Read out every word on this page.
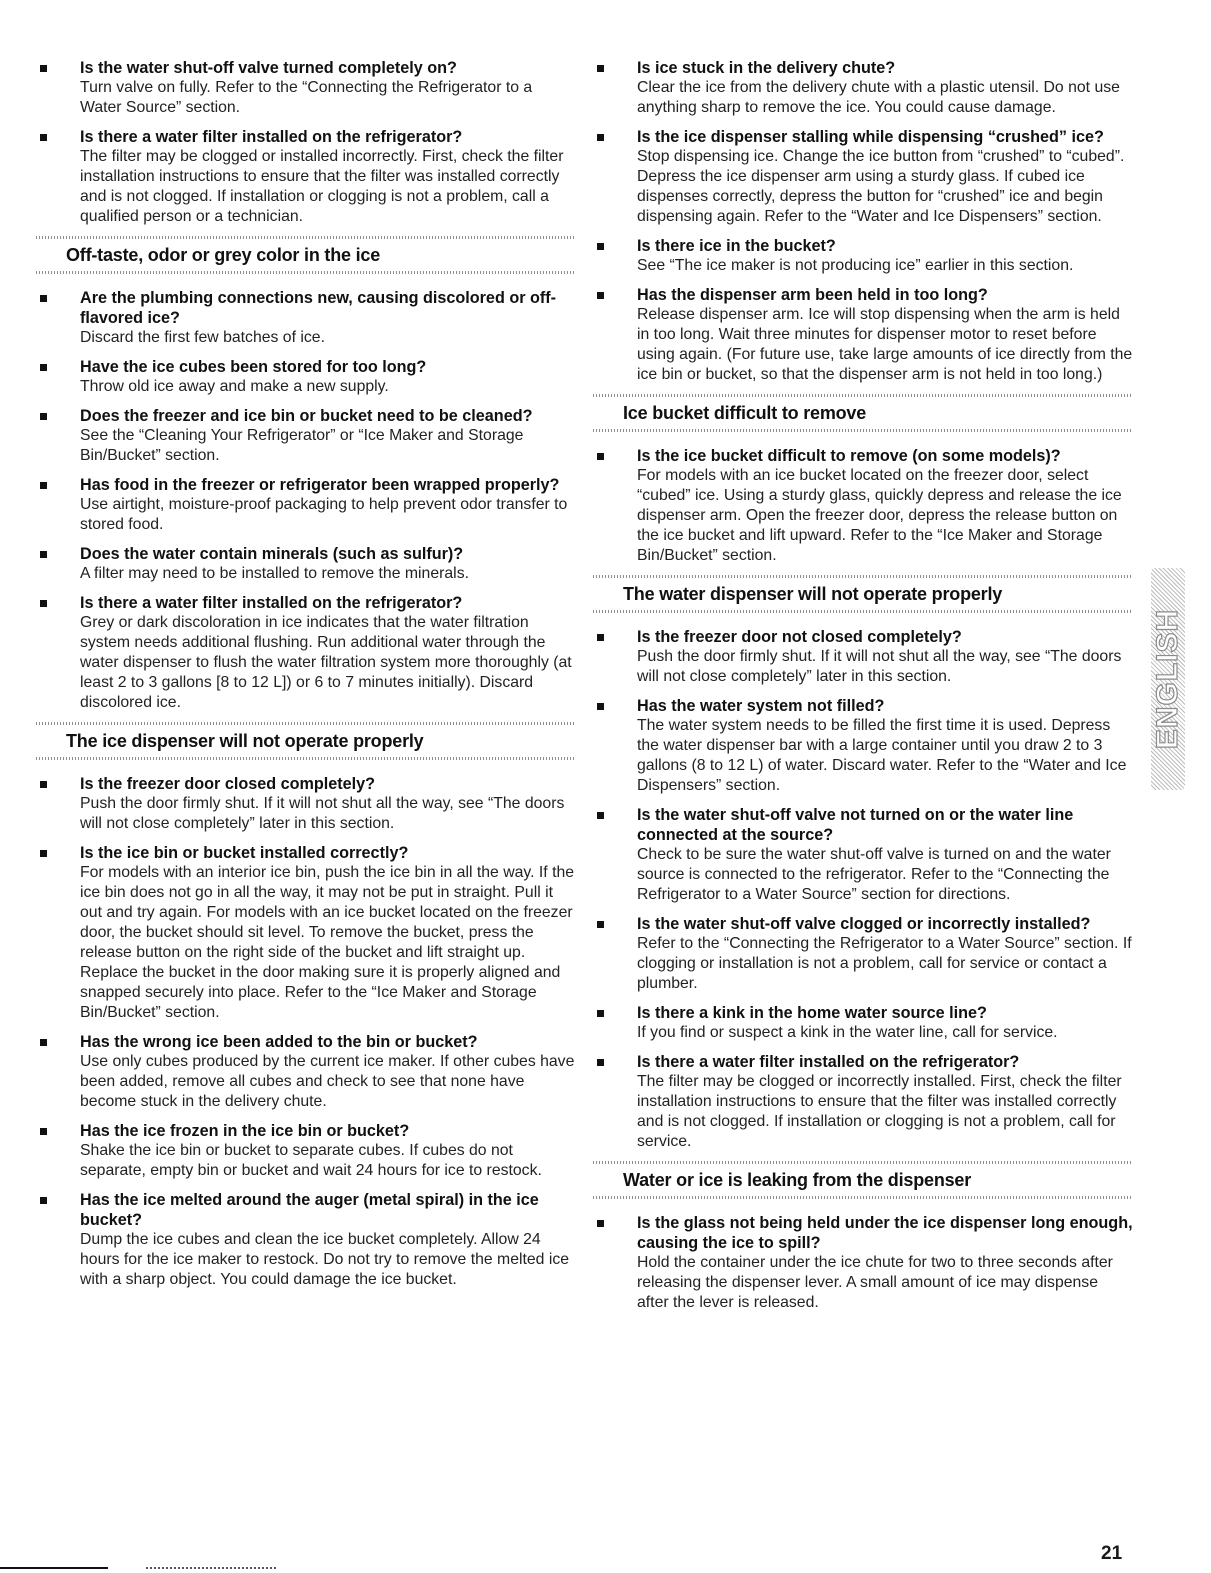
Is the water shut-off valve turned completely on?
Turn valve on fully. Refer to the “Connecting the Refrigerator to a Water Source” section.
Is there a water filter installed on the refrigerator?
The filter may be clogged or installed incorrectly. First, check the filter installation instructions to ensure that the filter was installed correctly and is not clogged. If installation or clogging is not a problem, call a qualified person or a technician.
Off-taste, odor or grey color in the ice
Are the plumbing connections new, causing discolored or off-flavored ice?
Discard the first few batches of ice.
Have the ice cubes been stored for too long?
Throw old ice away and make a new supply.
Does the freezer and ice bin or bucket need to be cleaned?
See the “Cleaning Your Refrigerator” or “Ice Maker and Storage Bin/Bucket” section.
Has food in the freezer or refrigerator been wrapped properly?
Use airtight, moisture-proof packaging to help prevent odor transfer to stored food.
Does the water contain minerals (such as sulfur)?
A filter may need to be installed to remove the minerals.
Is there a water filter installed on the refrigerator?
Grey or dark discoloration in ice indicates that the water filtration system needs additional flushing. Run additional water through the water dispenser to flush the water filtration system more thoroughly (at least 2 to 3 gallons [8 to 12 L]) or 6 to 7 minutes initially). Discard discolored ice.
The ice dispenser will not operate properly
Is the freezer door closed completely?
Push the door firmly shut. If it will not shut all the way, see “The doors will not close completely” later in this section.
Is the ice bin or bucket installed correctly?
For models with an interior ice bin, push the ice bin in all the way. If the ice bin does not go in all the way, it may not be put in straight. Pull it out and try again. For models with an ice bucket located on the freezer door, the bucket should sit level. To remove the bucket, press the release button on the right side of the bucket and lift straight up. Replace the bucket in the door making sure it is properly aligned and snapped securely into place. Refer to the “Ice Maker and Storage Bin/Bucket” section.
Has the wrong ice been added to the bin or bucket?
Use only cubes produced by the current ice maker. If other cubes have been added, remove all cubes and check to see that none have become stuck in the delivery chute.
Has the ice frozen in the ice bin or bucket?
Shake the ice bin or bucket to separate cubes. If cubes do not separate, empty bin or bucket and wait 24 hours for ice to restock.
Has the ice melted around the auger (metal spiral) in the ice bucket?
Dump the ice cubes and clean the ice bucket completely. Allow 24 hours for the ice maker to restock. Do not try to remove the melted ice with a sharp object. You could damage the ice bucket.
Is ice stuck in the delivery chute?
Clear the ice from the delivery chute with a plastic utensil. Do not use anything sharp to remove the ice. You could cause damage.
Is the ice dispenser stalling while dispensing “crushed” ice?
Stop dispensing ice. Change the ice button from “crushed” to “cubed”. Depress the ice dispenser arm using a sturdy glass. If cubed ice dispenses correctly, depress the button for “crushed” ice and begin dispensing again. Refer to the “Water and Ice Dispensers” section.
Is there ice in the bucket?
See “The ice maker is not producing ice” earlier in this section.
Has the dispenser arm been held in too long?
Release dispenser arm. Ice will stop dispensing when the arm is held in too long. Wait three minutes for dispenser motor to reset before using again. (For future use, take large amounts of ice directly from the ice bin or bucket, so that the dispenser arm is not held in too long.)
Ice bucket difficult to remove
Is the ice bucket difficult to remove (on some models)?
For models with an ice bucket located on the freezer door, select “cubed” ice. Using a sturdy glass, quickly depress and release the ice dispenser arm. Open the freezer door, depress the release button on the ice bucket and lift upward. Refer to the “Ice Maker and Storage Bin/Bucket” section.
The water dispenser will not operate properly
Is the freezer door not closed completely?
Push the door firmly shut. If it will not shut all the way, see “The doors will not close completely” later in this section.
Has the water system not filled?
The water system needs to be filled the first time it is used. Depress the water dispenser bar with a large container until you draw 2 to 3 gallons (8 to 12 L) of water. Discard water. Refer to the “Water and Ice Dispensers” section.
Is the water shut-off valve not turned on or the water line connected at the source?
Check to be sure the water shut-off valve is turned on and the water source is connected to the refrigerator. Refer to the “Connecting the Refrigerator to a Water Source” section for directions.
Is the water shut-off valve clogged or incorrectly installed?
Refer to the “Connecting the Refrigerator to a Water Source” section. If clogging or installation is not a problem, call for service or contact a plumber.
Is there a kink in the home water source line?
If you find or suspect a kink in the water line, call for service.
Is there a water filter installed on the refrigerator?
The filter may be clogged or incorrectly installed. First, check the filter installation instructions to ensure that the filter was installed correctly and is not clogged. If installation or clogging is not a problem, call for service.
Water or ice is leaking from the dispenser
Is the glass not being held under the ice dispenser long enough, causing the ice to spill?
Hold the container under the ice chute for two to three seconds after releasing the dispenser lever. A small amount of ice may dispense after the lever is released.
ENGLISH
21
